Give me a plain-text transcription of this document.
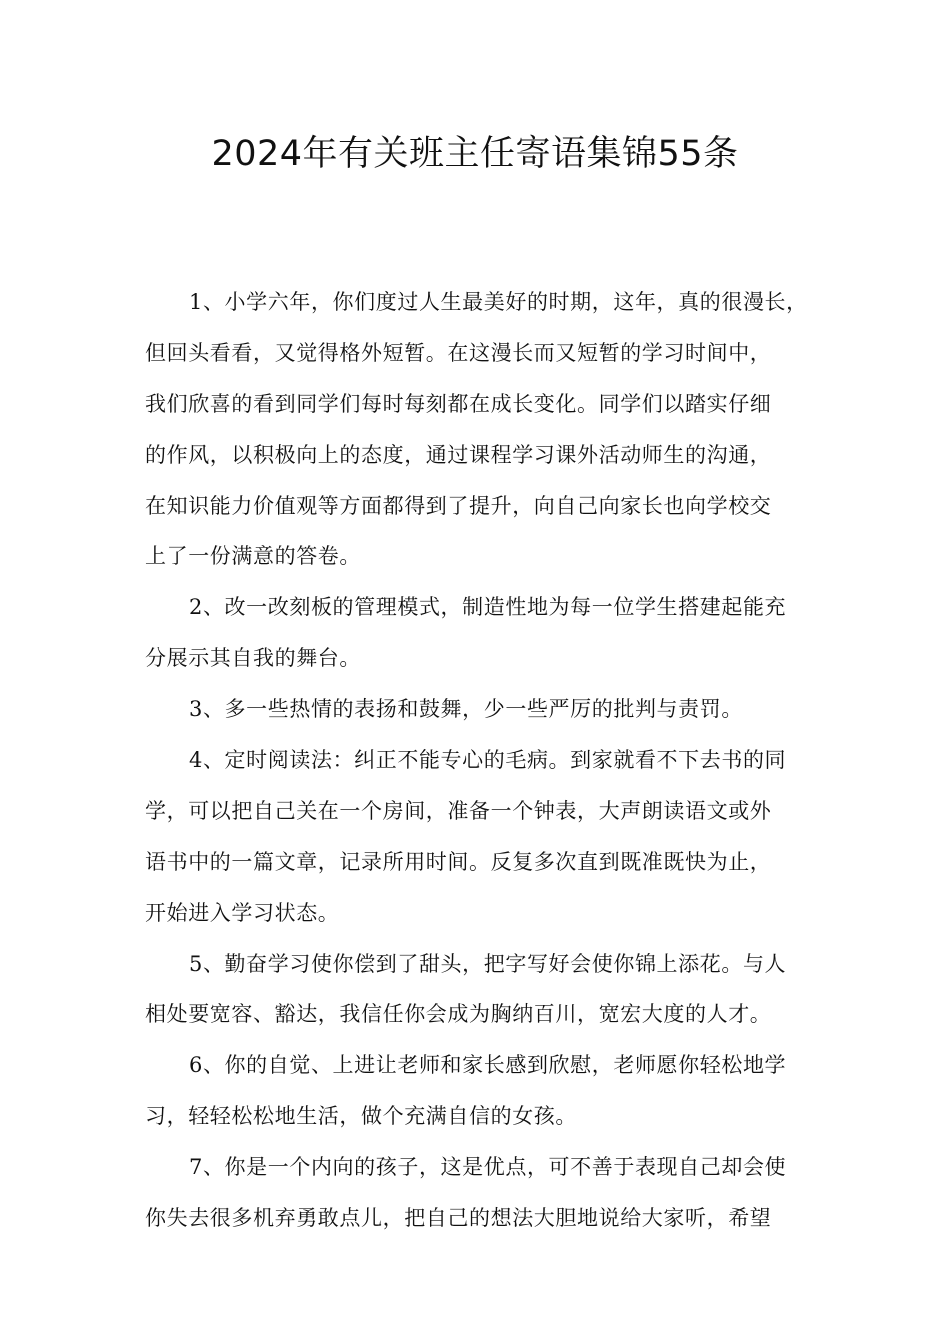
2024年有关班主任寄语集锦55条
1、小学六年，你们度过人生最美好的时期，这年，真的很漫长，
但回头看看，又觉得格外短暂。在这漫长而又短暂的学习时间中，
我们欣喜的看到同学们每时每刻都在成长变化。同学们以踏实仔细
的作风，以积极向上的态度，通过课程学习课外活动师生的沟通，
在知识能力价值观等方面都得到了提升，向自己向家长也向学校交
上了一份满意的答卷。
2、改一改刻板的管理模式，制造性地为每一位学生搭建起能充
分展示其自我的舞台。
3、多一些热情的表扬和鼓舞，少一些严厉的批判与责罚。
4、定时阅读法：纠正不能专心的毛病。到家就看不下去书的同
学，可以把自己关在一个房间，准备一个钟表，大声朗读语文或外
语书中的一篇文章，记录所用时间。反复多次直到既准既快为止，
开始进入学习状态。
5、勤奋学习使你偿到了甜头，把字写好会使你锦上添花。与人
相处要宽容、豁达，我信任你会成为胸纳百川，宽宏大度的人才。
6、你的自觉、上进让老师和家长感到欣慰，老师愿你轻松地学
习，轻轻松松地生活，做个充满自信的女孩。
7、你是一个内向的孩子，这是优点，可不善于表现自己却会使
你失去很多机弃勇敢点儿，把自己的想法大胆地说给大家听，希望
